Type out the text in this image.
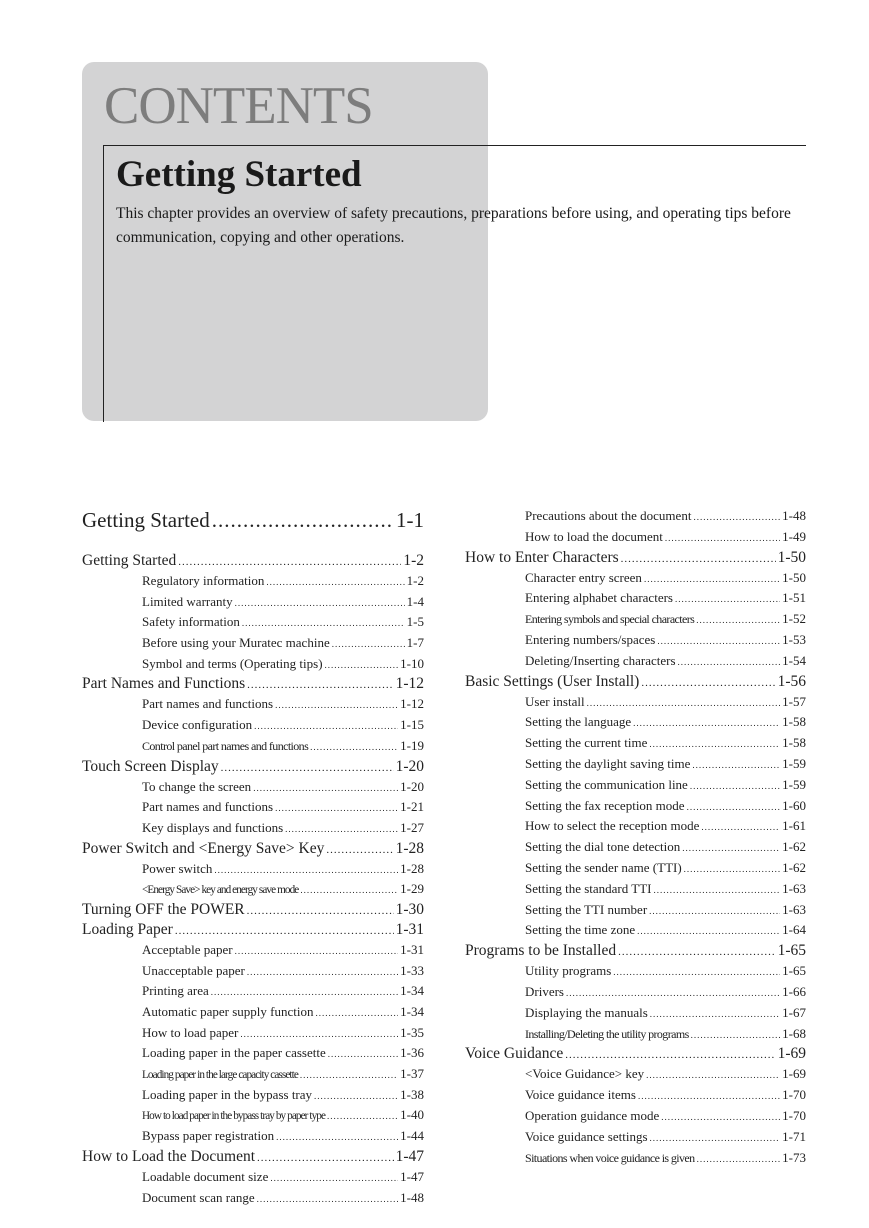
CONTENTS
Getting Started
This chapter provides an overview of safety precautions, preparations before using, and operating tips before communication, copying and other operations.
Getting Started .....	1-1
Getting Started .....	1-2
Regulatory information .....	1-2
Limited warranty .....	1-4
Safety information .....	1-5
Before using your Muratec machine .....	1-7
Symbol and terms (Operating tips) .....	1-10
Part Names and Functions .....	1-12
Part names and functions .....	1-12
Device configuration .....	1-15
Control panel part names and functions .....	1-19
Touch Screen Display .....	1-20
To change the screen .....	1-20
Part names and functions .....	1-21
Key displays and functions .....	1-27
Power Switch and <Energy Save> Key .....	1-28
Power switch .....	1-28
<Energy Save> key and energy save mode .....	1-29
Turning OFF the POWER .....	1-30
Loading Paper .....	1-31
Acceptable paper .....	1-31
Unacceptable paper .....	1-33
Printing area .....	1-34
Automatic paper supply function .....	1-34
How to load paper .....	1-35
Loading paper in the paper cassette .....	1-36
Loading paper in the large capacity cassette .....	1-37
Loading paper in the bypass tray .....	1-38
How to load paper in the bypass tray by paper type .....	1-40
Bypass paper registration .....	1-44
How to Load the Document .....	1-47
Loadable document size .....	1-47
Document scan range .....	1-48
Precautions about the document .....	1-48
How to load the document .....	1-49
How to Enter Characters .....	1-50
Character entry screen .....	1-50
Entering alphabet characters .....	1-51
Entering symbols and special characters .....	1-52
Entering numbers/spaces .....	1-53
Deleting/Inserting characters .....	1-54
Basic Settings (User Install) .....	1-56
User install .....	1-57
Setting the language .....	1-58
Setting the current time .....	1-58
Setting the daylight saving time .....	1-59
Setting the communication line .....	1-59
Setting the fax reception mode .....	1-60
How to select the reception mode .....	1-61
Setting the dial tone detection .....	1-62
Setting the sender name (TTI) .....	1-62
Setting the standard TTI .....	1-63
Setting the TTI number .....	1-63
Setting the time zone .....	1-64
Programs to be Installed .....	1-65
Utility programs .....	1-65
Drivers .....	1-66
Displaying the manuals .....	1-67
Installing/Deleting the utility programs .....	1-68
Voice Guidance .....	1-69
<Voice Guidance> key .....	1-69
Voice guidance items .....	1-70
Operation guidance mode .....	1-70
Voice guidance settings .....	1-71
Situations when voice guidance is given .....	1-73
